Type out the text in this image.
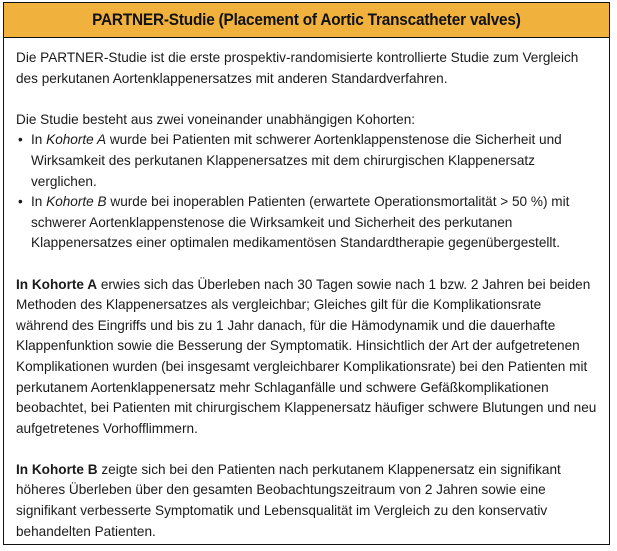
PARTNER-Studie (Placement of Aortic Transcatheter valves)

Die PARTNER-Studie ist die erste prospektiv-randomisierte kontrollierte Studie zum Vergleich des perkutanen Aortenklappenersatzes mit anderen Standardverfahren.

Die Studie besteht aus zwei voneinander unabhängigen Kohorten:

• In Kohorte A wurde bei Patienten mit schwerer Aortenklappenstenose die Sicherheit und Wirksamkeit des perkutanen Klappenersatzes mit dem chirurgischen Klappenersatz verglichen.
• In Kohorte B wurde bei inoperablen Patienten (erwartete Operationsmortalität > 50 %) mit schwerer Aortenklappenstenose die Wirksamkeit und Sicherheit des perkutanen Klappenersatzes einer optimalen medikamentösen Standardtherapie gegenübergestellt.

In Kohorte A erwies sich das Überleben nach 30 Tagen sowie nach 1 bzw. 2 Jahren bei beiden Methoden des Klappenersatzes als vergleichbar; Gleiches gilt für die Komplikationsrate während des Eingriffs und bis zu 1 Jahr danach, für die Hämodynamik und die dauerhafte Klappenfunktion sowie die Besserung der Symptomatik. Hinsichtlich der Art der aufgetretenen Komplikationen wurden (bei insgesamt vergleichbarer Komplikationsrate) bei den Patienten mit perkutanem Aortenklappenersatz mehr Schlaganfälle und schwere Gefäßkomplikationen beobachtet, bei Patienten mit chirurgischem Klappenersatz häufiger schwere Blutungen und neu aufgetretenes Vorhofflimmern.

In Kohorte B zeigte sich bei den Patienten nach perkutanem Klappenersatz ein signifikant höheres Überleben über den gesamten Beobachtungszeitraum von 2 Jahren sowie eine signifikant verbesserte Symptomatik und Lebensqualität im Vergleich zu den konservativ behandelten Patienten.
